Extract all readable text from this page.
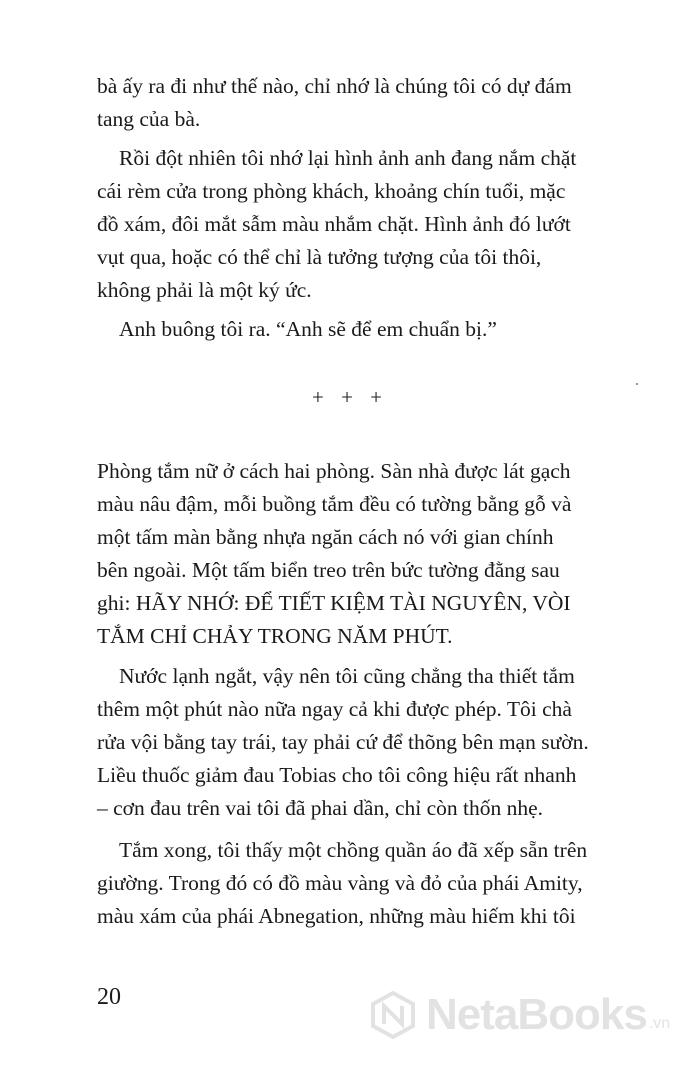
bà ấy ra đi như thế nào, chỉ nhớ là chúng tôi có dự đám
tang của bà.
Rồi đột nhiên tôi nhớ lại hình ảnh anh đang nắm chặt
cái rèm cửa trong phòng khách, khoảng chín tuổi, mặc
đồ xám, đôi mắt sẫm màu nhắm chặt. Hình ảnh đó lướt
vụt qua, hoặc có thể chỉ là tưởng tượng của tôi thôi,
không phải là một ký ức.
Anh buông tôi ra. “Anh sẽ để em chuẩn bị.”
+ + +
Phòng tắm nữ ở cách hai phòng. Sàn nhà được lát gạch
màu nâu đậm, mỗi buồng tắm đều có tường bằng gỗ và
một tấm màn bằng nhựa ngăn cách nó với gian chính
bên ngoài. Một tấm biển treo trên bức tường đằng sau
ghi: HÃY NHỚ: ĐỂ TIẾT KIỆM TÀI NGUYÊN, VÒI
TẮM CHỈ CHẢY TRONG NĂM PHÚT.
Nước lạnh ngắt, vậy nên tôi cũng chẳng tha thiết tắm
thêm một phút nào nữa ngay cả khi được phép. Tôi chà
rửa vội bằng tay trái, tay phải cứ để thõng bên mạn sườn.
Liều thuốc giảm đau Tobias cho tôi công hiệu rất nhanh
– cơn đau trên vai tôi đã phai dần, chỉ còn thốn nhẹ.
Tắm xong, tôi thấy một chồng quần áo đã xếp sẵn trên
giường. Trong đó có đồ màu vàng và đỏ của phái Amity,
màu xám của phái Abnegation, những màu hiếm khi tôi
20	NetaBooks .vn
